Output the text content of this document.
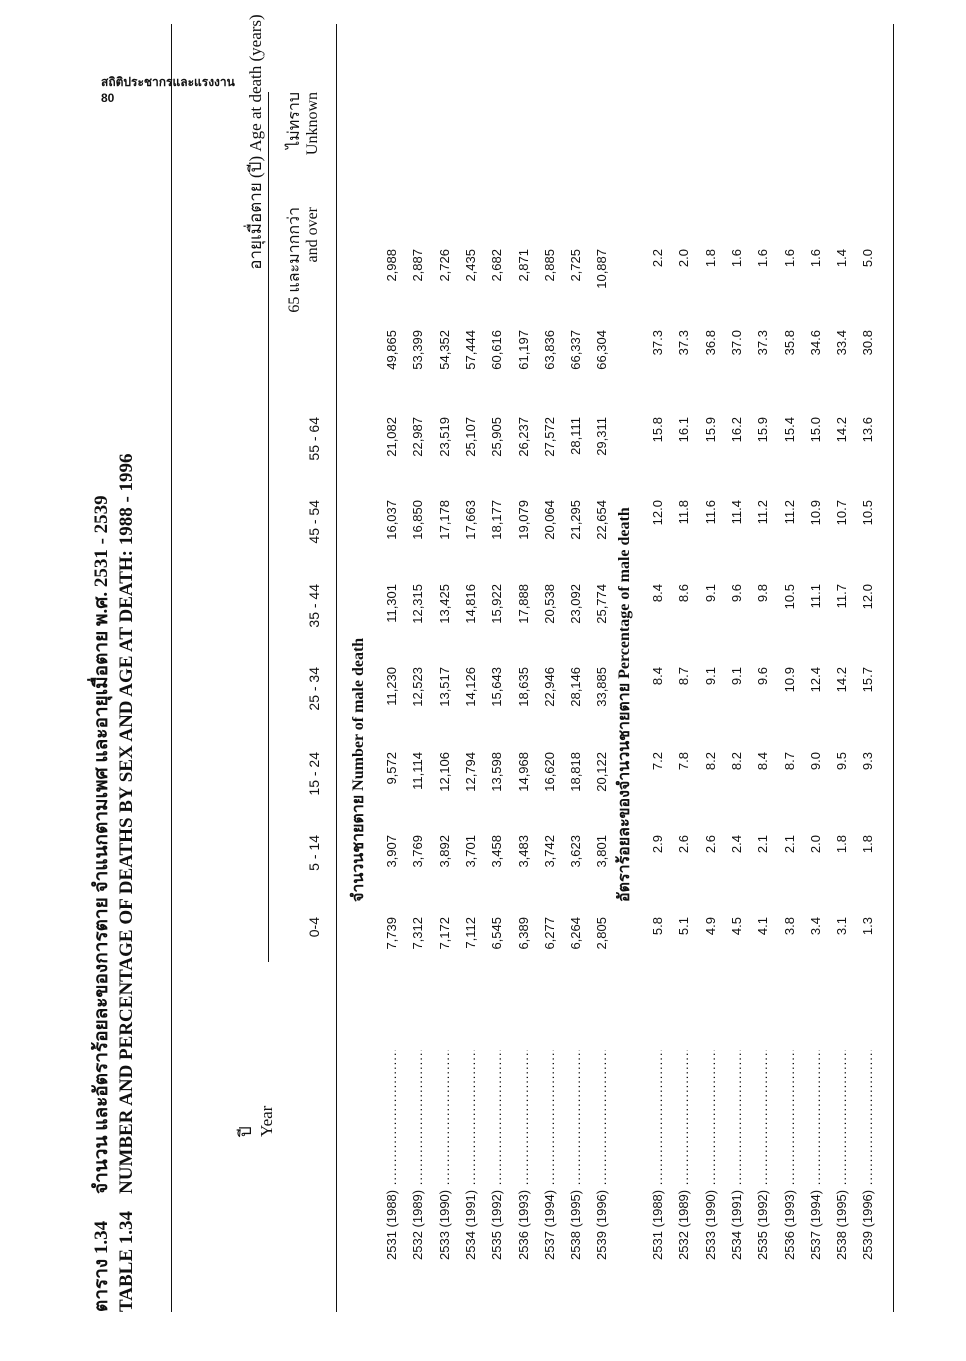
สถิติประชากรและแรงงาน
80
ตาราง 1.34จำนวน และอัตราร้อยละของการตาย จำแนกตามเพศ และอายุเมื่อตาย พ.ศ. 2531 - 2539
TABLE 1.34NUMBER AND PERCENTAGE OF DEATHS BY SEX AND AGE AT DEATH: 1988 - 1996	ปี Year
อายุเมื่อตาย (ปี) Age at death (years)
0-4
5 - 14
15 - 24
25 - 34
35 - 44
45 - 54
55 - 64
65 และมากกว่า and over
ไม่ทราบ Unknown
จำนวนชายตาย Number of male death
2531 (1988) .....
7,739
3,907
9,572
11,230
11,301
16,037
21,082
49,865
2,988
2532 (1989) .....
7,312
3,769
11,114
12,523
12,315
16,850
22,987
53,399
2,887
2533 (1990) .....
7,172
3,892
12,106
13,517
13,425
17,178
23,519
54,352
2,726
2534 (1991) .....
7,112
3,701
12,794
14,126
14,816
17,663
25,107
57,444
2,435
2535 (1992) .....
6,545
3,458
13,598
15,643
15,922
18,177
25,905
60,616
2,682
2536 (1993) .....
6,389
3,483
14,968
18,635
17,888
19,079
26,237
61,197
2,871
2537 (1994) .....
6,277
3,742
16,620
22,946
20,538
20,064
27,572
63,836
2,885
2538 (1995) .....
6,264
3,623
18,818
28,146
23,092
21,295
28,111
66,337
2,725
2539 (1996) .....
2,805
3,801
20,122
33,885
25,774
22,654
29,311
66,304
10,887
อัตราร้อยละของจำนวนชายตาย Percentage of male death
2531 (1988) .....
5.8
2.9
7.2
8.4
8.4
12.0
15.8
37.3
2.2
2532 (1989) .....
5.1
2.6
7.8
8.7
8.6
11.8
16.1
37.3
2.0
2533 (1990) .....
4.9
2.6
8.2
9.1
9.1
11.6
15.9
36.8
1.8
2534 (1991) .....
4.5
2.4
8.2
9.1
9.6
11.4
16.2
37.0
1.6
2535 (1992) .....
4.1
2.1
8.4
9.6
9.8
11.2
15.9
37.3
1.6
2536 (1993) .....
3.8
2.1
8.7
10.9
10.5
11.2
15.4
35.8
1.6
2537 (1994) .....
3.4
2.0
9.0
12.4
11.1
10.9
15.0
34.6
1.6
2538 (1995) .....
3.1
1.8
9.5
14.2
11.7
10.7
14.2
33.4
1.4
2539 (1996) .....
1.3
1.8
9.3
15.7
12.0
10.5
13.6
30.8
5.0
